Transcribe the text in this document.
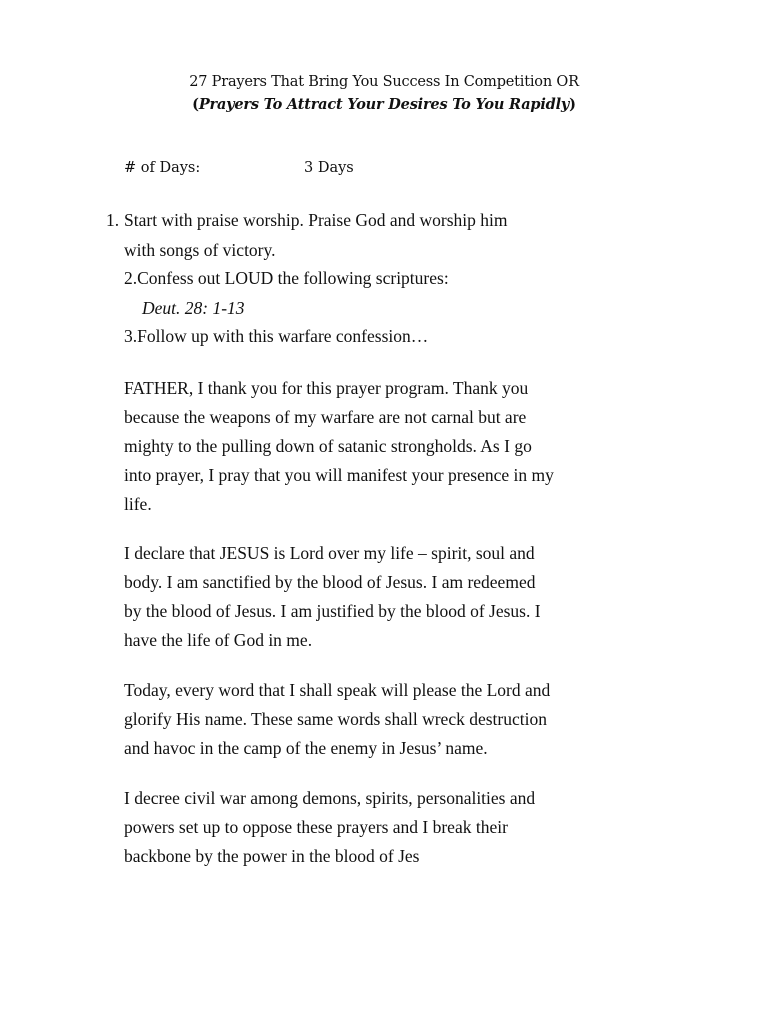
27 Prayers That Bring You Success In Competition OR
(Prayers To Attract Your Desires To You Rapidly)
# of Days:	3 Days
1. Start with praise worship. Praise God and worship him
with songs of victory.
2.Confess out LOUD the following scriptures:
Deut. 28: 1-13
3.Follow up with this warfare confession…
FATHER, I thank you for this prayer program. Thank you
because the weapons of my warfare are not carnal but are
mighty to the pulling down of satanic strongholds. As I go
into prayer, I pray that you will manifest your presence in my
life.
I declare that JESUS is Lord over my life – spirit, soul and
body. I am sanctified by the blood of Jesus. I am redeemed
by the blood of Jesus. I am justified by the blood of Jesus. I
have the life of God in me.
Today, every word that I shall speak will please the Lord and
glorify His name. These same words shall wreck destruction
and havoc in the camp of the enemy in Jesus’ name.
I decree civil war among demons, spirits, personalities and
powers set up to oppose these prayers and I break their
backbone by the power in the blood of Jes
